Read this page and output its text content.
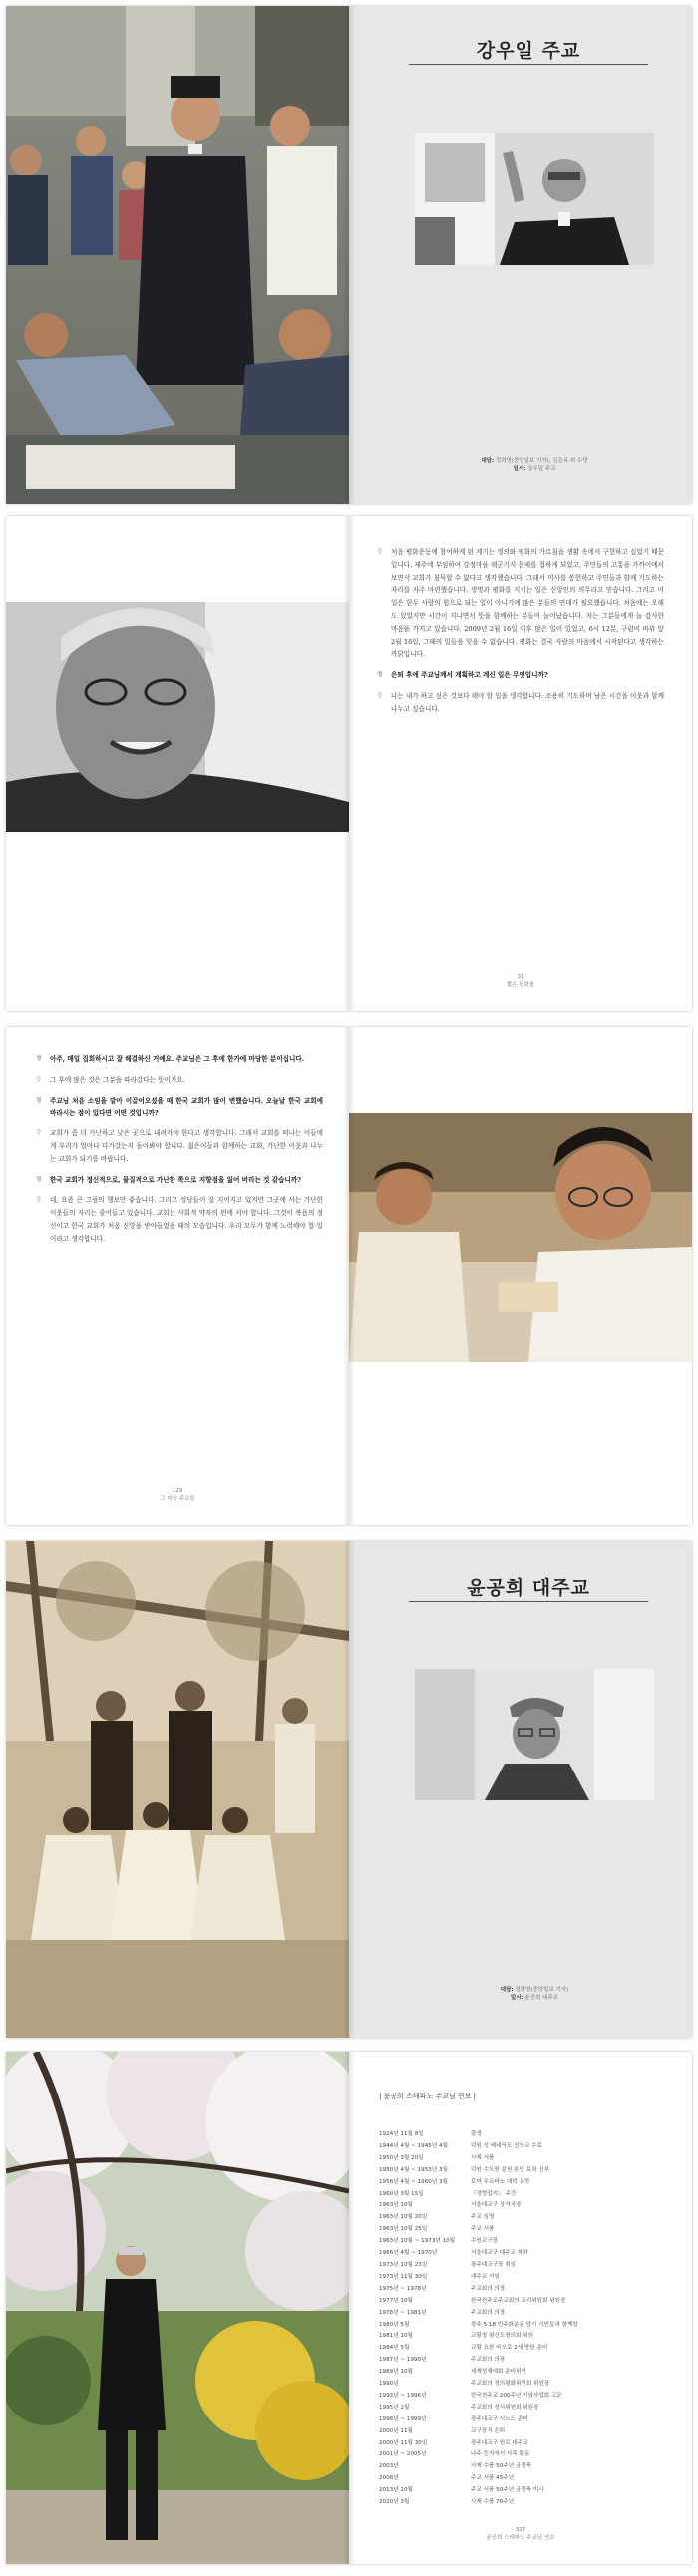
강우일 주교
대담: 정희영(중앙일보 기자), 김은옥 외 수명
일시: 강우일 주교
강 처음 평화운동에 참여하게 된 계기는 정의와 평화의 가르침을 생활 속에서 구현하고 싶었기 때문입니다. 제주에 부임하여 강정마을 해군기지 문제를 접하게 되었고, 주민들의 고통을 가까이에서 보면서 교회가 침묵할 수 없다고 생각했습니다. 그래서 미사를 봉헌하고 주민들과 함께 기도하는 자리를 자주 마련했습니다. 생명과 평화를 지키는 일은 신앙인의 의무라고 믿습니다. 그리고 이 일은 한두 사람의 힘으로 되는 일이 아니기에 많은 분들의 연대가 필요했습니다. 처음에는 오해도 있었지만 시간이 지나면서 뜻을 함께하는 분들이 늘어났습니다. 저는 그분들에게 늘 감사한 마음을 가지고 있습니다. 2009년 2월 16일 이후 많은 일이 있었고, 6시 12분, 구럼비 바위 앞 2월 16일, 그때의 일들을 잊을 수 없습니다. 평화는 결국 사람의 마음에서 시작된다고 생각하는 까닭입니다.
정 은퇴 후에 주교님께서 계획하고 계신 일은 무엇입니까?
강 나는 내가 하고 싶은 것보다 해야 할 일을 생각합니다. 조용히 기도하며 남은 시간을 이웃과 함께 나누고 싶습니다.
31
짧은 평화를
정 아주, 매일 집회하시고 잘 해결하신 거예요. 주교님은 그 후에 한가에 마당한 분이십니다.
강 그 후에 많은 것은 그분을 따라갔다는 뜻이지요.
정 주교님 처음 소임을 맡아 이끌어오셨을 때 한국 교회가 많이 변했습니다. 오늘날 한국 교회에 바라시는 점이 있다면 어떤 것입니까?
강 교회가 좀 더 가난하고 낮은 곳으로 내려가야 한다고 생각합니다. 그래서 교회를 떠나는 이들에게 우리가 얼마나 다가갔는지 돌아봐야 합니다. 젊은이들과 함께하는 교회, 가난한 이웃과 나누는 교회가 되기를 바랍니다.
정 한국 교회가 정신적으로, 물질적으로 가난한 쪽으로 지향점을 잃어 버리는 것 같습니까?
강 네, 요즘 큰 그림의 행보만 좋습니다. 그리고 성당들이 잘 지어지고 있지만 그곳에 사는 가난한 이웃들의 자리는 줄어들고 있습니다. 교회는 사회적 약자의 편에 서야 합니다. 그것이 복음의 정신이고 한국 교회가 처음 신앙을 받아들였을 때의 모습입니다. 우리 모두가 함께 노력해야 할 일이라고 생각합니다.
129
그 마음 주교들
윤공희 대주교
대담: 정희영(중앙일보 기자)
일시: 윤공희 대주교
| 윤공희 스테파노 주교님 연보 |
1924년 11월 8일	출생
1944년 4월 ~ 1945년 4월	덕원 성 베네딕도 신학교 수료
1950년 3월 20일	사제 서품
1950년 4월 ~ 1953년 3월	덕원 수도원 분원 본당 보좌 신부
1956년 4월 ~ 1960년 3월	로마 우르바노 대학 유학
1960년 3월 15일	『경향잡지』 주간
1963년 10월	서울대교구 상서국장
1963년 10월 20일	주교 임명
1963년 10월 25일	주교 서품
1963년 10월 ~ 1973년 10월	수원교구장
1966년 4월 ~ 1970년	서울대교구 대주교 착좌
1973년 10월 23일	광주대교구장 취임
1973년 11월 30일	대주교 서임
1975년 ~ 1978년	주교회의 의장
1977년 10월	한국천주교주교회의 교리위원회 위원장
1978년 ~ 1981년	주교회의 의장
1980년 5월	광주 5·18 민주화운동 당시 시민들과 함께함
1981년 10월	교황청 평신도평의회 위원
1984년 5월	교황 요한 바오로 2세 방한 준비
1987년 ~ 1990년	주교회의 의장
1989년 10월	세계성체대회 준비위원
1990년	주교회의 정의평화위원회 위원장
1993년 ~ 1996년	한국천주교 200주년 기념사업회 고문
1995년 2월	주교회의 성서위원회 위원장
1998년 ~ 1999년	광주대교구 시노드 준비
2000년 11월	교구장직 은퇴
2000년 11월 30일	광주대교구 원로 대주교
2001년 ~ 2005년	나주 등지에서 사목 활동
2003년	사제 수품 50주년 금경축
2008년	주교 서품 45주년
2013년 10월	주교 서품 50주년 금경축 미사
2020년 3월	사제 수품 70주년
327
윤공희 스테파노 주교님 연보
